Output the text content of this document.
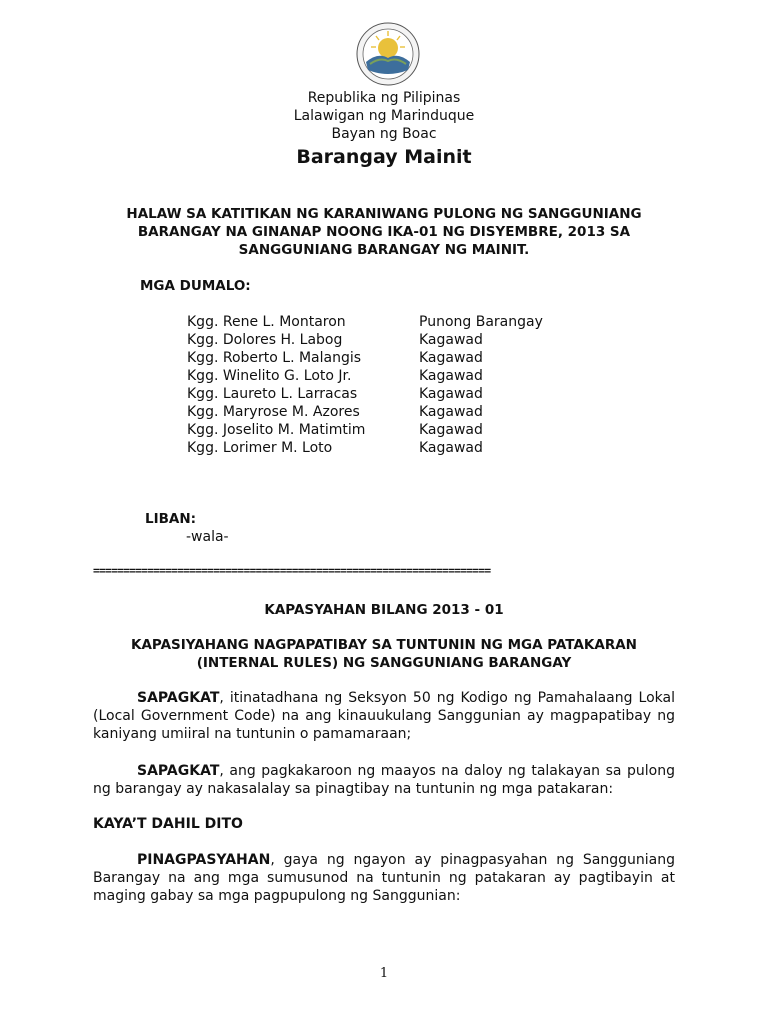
Republika ng Pilipinas
Lalawigan ng Marinduque
Bayan ng Boac
Barangay Mainit
HALAW SA KATITIKAN NG KARANIWANG PULONG NG SANGGUNIANG
BARANGAY NA GINANAP NOONG IKA-01 NG DISYEMBRE, 2013 SA
SANGGUNIANG BARANGAY NG MAINIT.
MGA DUMALO:
Kgg. Rene L. Montaron	Punong Barangay
Kgg. Dolores H. Labog	Kagawad
Kgg. Roberto L. Malangis	Kagawad
Kgg. Winelito G. Loto Jr.	Kagawad
Kgg. Laureto L. Larracas	Kagawad
Kgg. Maryrose M. Azores	Kagawad
Kgg. Joselito M. Matimtim	Kagawad
Kgg. Lorimer M. Loto	Kagawad
LIBAN:
-wala-
==================================================================
KAPASYAHAN BILANG 2013 - 01
KAPASIYAHANG NAGPAPATIBAY SA TUNTUNIN NG MGA PATAKARAN
(INTERNAL RULES) NG SANGGUNIANG BARANGAY
SAPAGKAT, itinatadhana ng Seksyon 50 ng Kodigo ng Pamahalaang Lokal (Local Government Code) na ang kinauukulang Sanggunian ay magpapatibay ng kaniyang umiiral na tuntunin o pamamaraan;
SAPAGKAT, ang pagkakaroon ng maayos na daloy ng talakayan sa pulong ng barangay ay nakasalalay sa pinagtibay na tuntunin ng mga patakaran:
KAYA’T DAHIL DITO
PINAGPASYAHAN, gaya ng ngayon ay pinagpasyahan ng Sangguniang Barangay na ang mga sumusunod na tuntunin ng patakaran ay pagtibayin at maging gabay sa mga pagpupulong ng Sanggunian:
1
